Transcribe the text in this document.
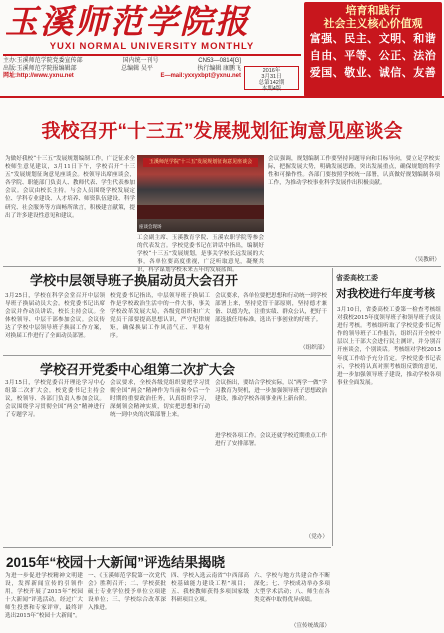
玉溪师范学院报
YUXI NORMAL UNIVERSITY MONTHLY
主办:玉溪师范学院党委宣传部	国内统一刊号	CN53—0814[G]
出版:玉溪师范学院报编辑部	总编辑 吴平	执行编辑 康鹏飞
网址:http://www.yxnu.net	E—mail:yxxyxbpt@yxnu.net
2016年
3月31日
总第142期
本期4版
培育和践行
社会主义核心价值观
富强、民主、文明、和谐
自由、平等、公正、法治
爱国、敬业、诚信、友善
我校召开“十三五”发展规划征询意见座谈会
为做好我校“十三五”发展规划编制工作，广泛征求全校师生意见建议，3月11日下午，学校召开“十三五”发展规划征询意见座谈会。校领导出席座谈会，各学院、职能部门负责人、教师代表、学生代表参加会议。会议由校长主持。与会人员围绕学校发展定位、学科专业建设、人才培养、师资队伍建设、科学研究、社会服务等方面畅所欲言，积极建言献策，提出了许多建设性意见和建议。
玉溪师范学院“十三五”发展规划征询意见座谈会
座谈会现场
工会副主席、玉溪教育学院、玉溪农职学院等参会的代表发言。学校党委书记在讲话中指出，编制好学校“十三五”发展规划，是事关学校长远发展的大事，各单位要高度重视，广泛听取意见，凝聚共识，科学谋划学校未来五年的发展蓝图。
会议强调，规划编制工作要坚持问题导向和目标导向，要立足学校实际，把握发展大势，明确发展思路，突出发展重点，确保规划的科学性和可操作性。各部门要按照学校统一部署，认真做好规划编制各项工作，为推动学校事业科学发展作出积极贡献。
（吴教研）
学校中层领导班子换届动员大会召开
3月25日，学校在科学会堂召开中层领导班子换届动员大会。校党委书记出席会议并作动员讲话，校长主持会议。全体校领导、中层干部参加会议。会议传达了学校中层领导班子换届工作方案，对换届工作进行了全面动员部署。
校党委书记指出，中层领导班子换届工作是学校政治生活中的一件大事，事关学校改革发展大局，各级党组织和广大党员干部要提高思想认识，严守纪律规矩，确保换届工作风清气正、平稳有序。
会议要求，各单位要把思想和行动统一到学校部署上来，坚持党管干部原则，坚持德才兼备、以德为先，注重实绩、群众公认，把好干部选拔任用标准，选出干事创业的好班子。
（组织部）
学校召开党委中心组第二次扩大会
3月15日，学校党委召开理论学习中心组第二次扩大会，校党委书记主持会议，校领导、各部门负责人参加会议。会议围绕学习贯彻全国“两会”精神进行了专题学习。
会议要求，全校各级党组织要把学习贯彻全国“两会”精神作为当前和今后一个时期的重要政治任务，认真组织学习，深刻领会精神实质，切实把思想和行动统一到中央的决策部署上来。
会议指出，要结合学校实际，以“两学一做”学习教育为契机，进一步加强领导班子思想政治建设，推动学校各项事业再上新台阶。
进学校各项工作。会议还就学校近期重点工作进行了安排部署。
（党办）
省委高校工委
对我校进行年度考核
3月10日，省委高校工委第一检查考核组对我校2015年度领导班子和领导班子成员进行考核。考核组听取了学校党委书记所作的领导班子工作报告，组织召开全校中层以上干部大会进行民主测评，并分别召开座谈会，个别谈话。考核组对学校2015年度工作给予充分肯定。学校党委书记表示，学校将认真对照考核组反馈的意见，进一步加强领导班子建设，推动学校各项事业全面发展。
2015年“校园十大新闻”评选结果揭晓
为进一步促进学校精神文明建设，发挥新闻宣传的引领作用，学校开展了2015年“校园十大新闻”评选活动。经过广大师生投票和专家评审，最终评选出2015年“校园十大新闻”。
一、《玉溪师范学院第一次党代会》胜利召开；二、学校获批硕士专业学位授予单位立项建设单位；三、学校综合改革深入推进。
四、学校入选云南省“中西部高校基础能力建设工程”项目；五、我校教师获得多项国家级科研项目立项。
六、学校与地方共建合作不断深化；七、学校成功举办多项大型学术活动；八、师生在各类竞赛中取得优异成绩。
（宣传统战部）
